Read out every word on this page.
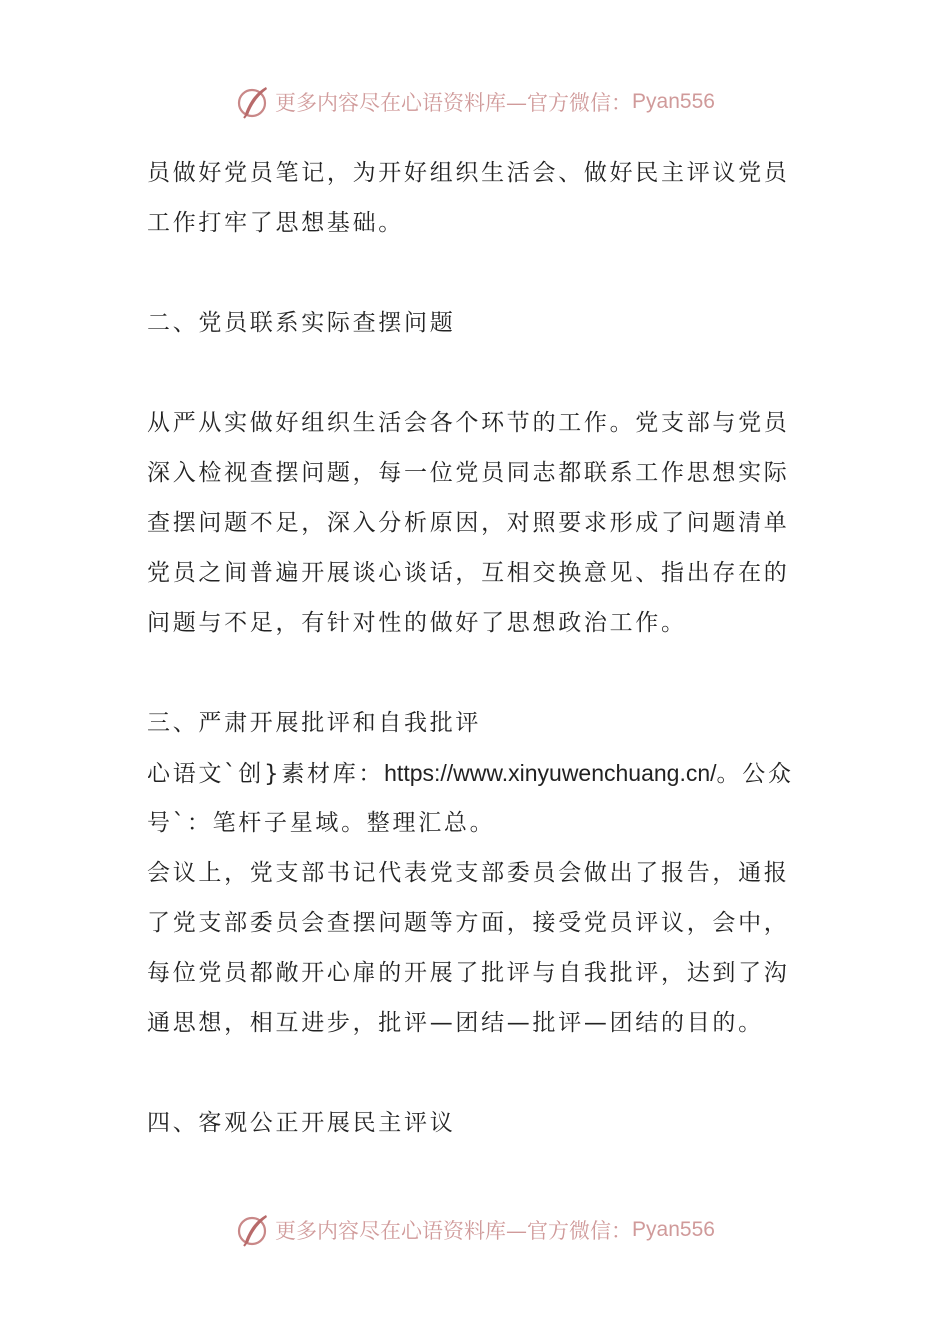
更多内容尽在心语资料库—官方微信： Pyan556
员做好党员笔记，为开好组织生活会、做好民主评议党员
工作打牢了思想基础。
二、党员联系实际查摆问题
从严从实做好组织生活会各个环节的工作。党支部与党员
深入检视查摆问题，每一位党员同志都联系工作思想实际
查摆问题不足，深入分析原因，对照要求形成了问题清单
党员之间普遍开展谈心谈话，互相交换意见、指出存在的
问题与不足，有针对性的做好了思想政治工作。
三、严肃开展批评和自我批评
心语文`创}素材库：https://www.xinyuwenchuang.cn/。公众
号`：笔杆子星域。整理汇总。
会议上，党支部书记代表党支部委员会做出了报告，通报
了党支部委员会查摆问题等方面，接受党员评议，会中，
每位党员都敞开心扉的开展了批评与自我批评，达到了沟
通思想，相互进步，批评—团结—批评—团结的目的。
四、客观公正开展民主评议
更多内容尽在心语资料库—官方微信： Pyan556
